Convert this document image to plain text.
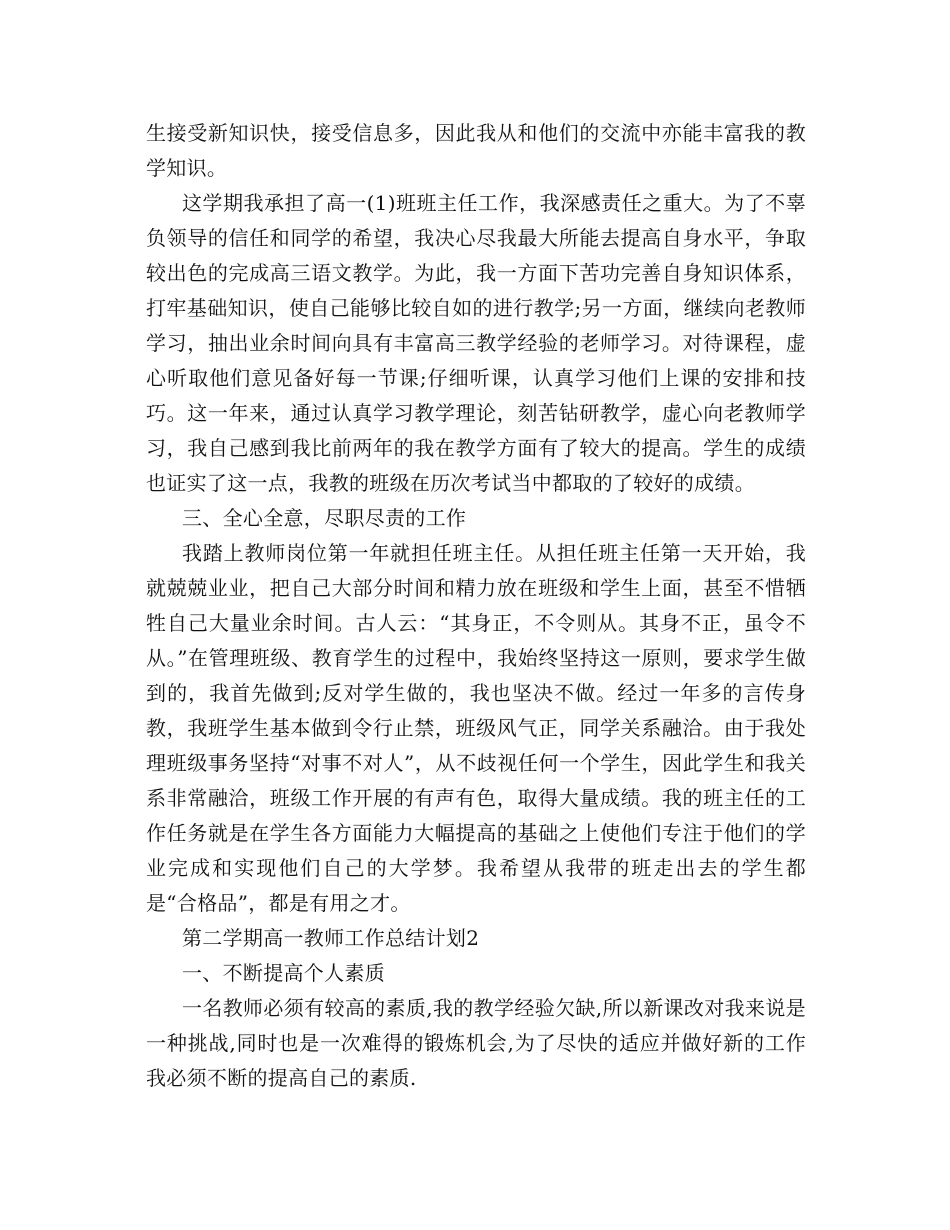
生接受新知识快，接受信息多，因此我从和他们的交流中亦能丰富我的教学知识。

这学期我承担了高一(1)班班主任工作，我深感责任之重大。为了不辜负领导的信任和同学的希望，我决心尽我最大所能去提高自身水平，争取较出色的完成高三语文教学。为此，我一方面下苦功完善自身知识体系，打牢基础知识，使自己能够比较自如的进行教学;另一方面，继续向老教师学习，抽出业余时间向具有丰富高三教学经验的老师学习。对待课程，虚心听取他们意见备好每一节课;仔细听课，认真学习他们上课的安排和技巧。这一年来，通过认真学习教学理论，刻苦钻研教学，虚心向老教师学习，我自己感到我比前两年的我在教学方面有了较大的提高。学生的成绩也证实了这一点，我教的班级在历次考试当中都取的了较好的成绩。

三、全心全意，尽职尽责的工作

我踏上教师岗位第一年就担任班主任。从担任班主任第一天开始，我就兢兢业业，把自己大部分时间和精力放在班级和学生上面，甚至不惜牺牲自己大量业余时间。古人云：“其身正，不令则从。其身不正，虽令不从。”在管理班级、教育学生的过程中，我始终坚持这一原则，要求学生做到的，我首先做到;反对学生做的，我也坚决不做。经过一年多的言传身教，我班学生基本做到令行止禁，班级风气正，同学关系融洽。由于我处理班级事务坚持“对事不对人”，从不歧视任何一个学生，因此学生和我关系非常融洽，班级工作开展的有声有色，取得大量成绩。我的班主任的工作任务就是在学生各方面能力大幅提高的基础之上使他们专注于他们的学业完成和实现他们自己的大学梦。我希望从我带的班走出去的学生都是“合格品”，都是有用之才。

第二学期高一教师工作总结计划2

一、不断提高个人素质

一名教师必须有较高的素质,我的教学经验欠缺,所以新课改对我来说是一种挑战,同时也是一次难得的锻炼机会,为了尽快的适应并做好新的工作我必须不断的提高自己的素质.
